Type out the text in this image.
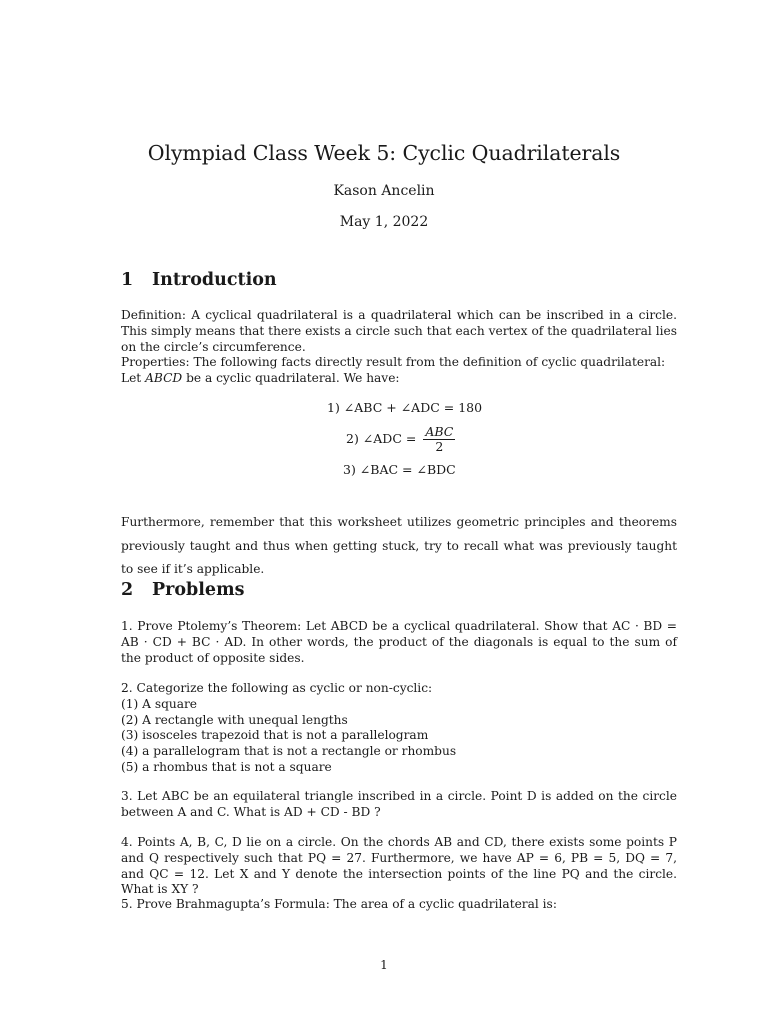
Olympiad Class Week 5: Cyclic Quadrilaterals
Kason Ancelin
May 1, 2022
1 Introduction

Definition: A cyclical quadrilateral is a quadrilateral which can be inscribed in a circle. This simply means that there exists a circle such that each vertex of the quadrilateral lies on the circle’s circumference.

Properties: The following facts directly result from the definition of cyclic quadrilateral:

Let ABCD be a cyclic quadrilateral. We have:

1) ∠ABC + ∠ADC = 180
2) ∠ADC = $\frac{\text{ABC}}{2}$
3) ∠BAC = ∠BDC

Furthermore, remember that this worksheet utilizes geometric principles and theorems previously taught and thus when getting stuck, try to recall what was previously taught to see if it’s applicable.

2 Problems

1. Prove Ptolemy’s Theorem: Let ABCD be a cyclical quadrilateral. Show that AC · BD = AB · CD + BC · AD. In other words, the product of the diagonals is equal to the sum of the product of opposite sides.

2. Categorize the following as cyclic or non-cyclic:
(1) A square
(2) A rectangle with unequal lengths
(3) isosceles trapezoid that is not a parallelogram
(4) a parallelogram that is not a rectangle or rhombus
(5) a rhombus that is not a square

3. Let ABC be an equilateral triangle inscribed in a circle. Point D is added on the circle between A and C. What is AD + CD - BD ?

4. Points A, B, C, D lie on a circle. On the chords AB and CD, there exists some points P and Q respectively such that PQ = 27. Furthermore, we have AP = 6, PB = 5, DQ = 7, and QC = 12. Let X and Y denote the intersection points of the line PQ and the circle. What is XY ?

5. Prove Brahmagupta’s Formula: The area of a cyclic quadrilateral is:

1
